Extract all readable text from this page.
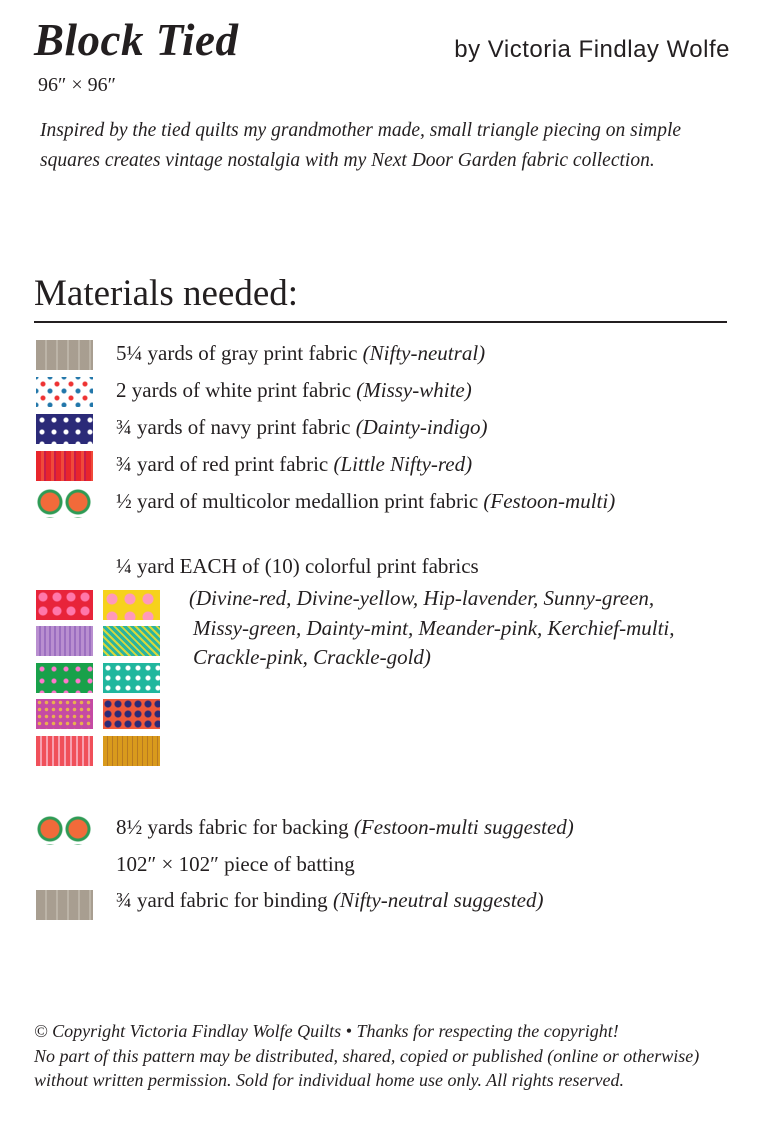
Block Tied	by Victoria Findlay Wolfe
96″ × 96″
Inspired by the tied quilts my grandmother made, small triangle piecing on simple squares creates vintage nostalgia with my Next Door Garden fabric collection.
Materials needed:
5¼ yards of gray print fabric (Nifty-neutral)
2 yards of white print fabric (Missy-white)
¾ yards of navy print fabric (Dainty-indigo)
¾ yard of red print fabric (Little Nifty-red)
½ yard of multicolor medallion print fabric (Festoon-multi)
¼ yard EACH of (10) colorful print fabrics
(Divine-red, Divine-yellow, Hip-lavender, Sunny-green,
Missy-green, Dainty-mint, Meander-pink, Kerchief-multi,
Crackle-pink, Crackle-gold)
8½ yards fabric for backing (Festoon-multi suggested)
102″ × 102″ piece of batting
¾ yard fabric for binding (Nifty-neutral suggested)
© Copyright Victoria Findlay Wolfe Quilts • Thanks for respecting the copyright!
No part of this pattern may be distributed, shared, copied or published (online or otherwise) without written permission. Sold for individual home use only. All rights reserved.
